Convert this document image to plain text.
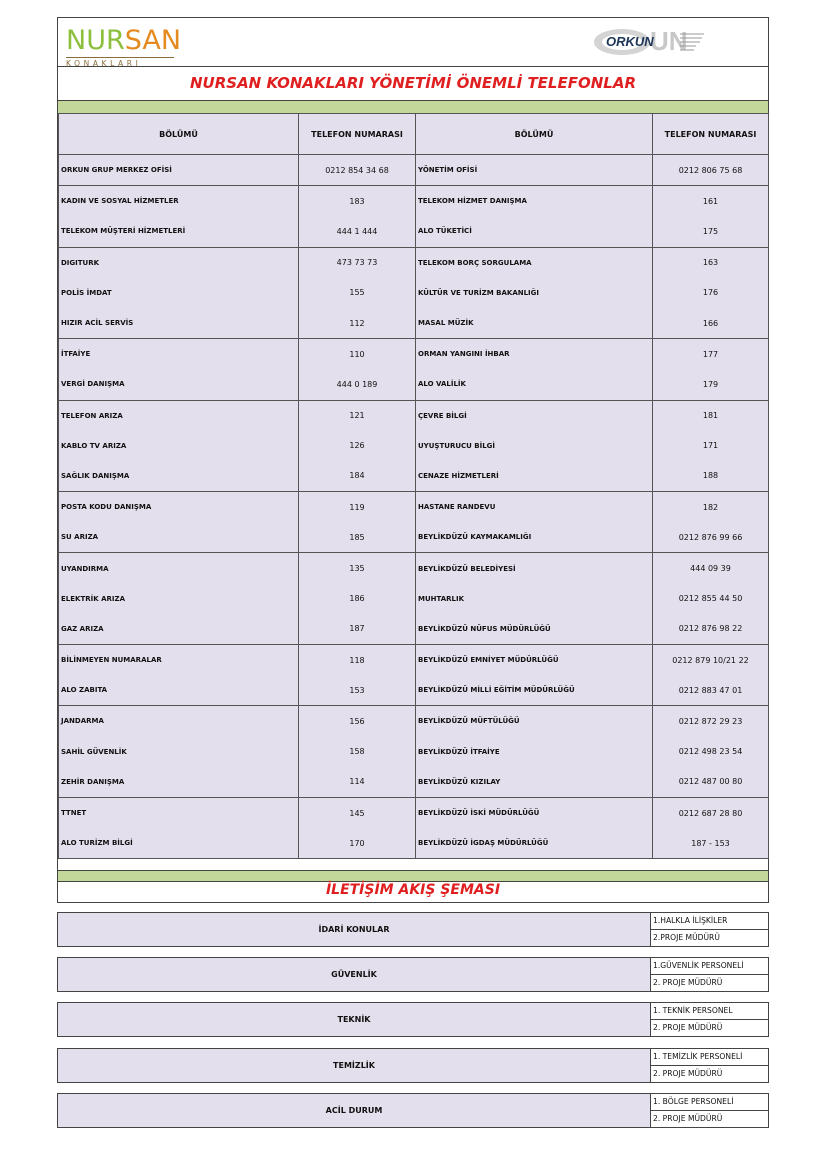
NURSAN
KONAKLARI
UN
ORKUN
NURSAN KONAKLARI YÖNETİMİ ÖNEMLİ TELEFONLAR
BÖLÜMÜ	TELEFON NUMARASI	BÖLÜMÜ	TELEFON NUMARASI
ORKUN GRUP MERKEZ OFİSİ	0212 854 34 68	YÖNETİM OFİSİ	0212 806 75 68
KADIN VE SOSYAL HİZMETLER	183	TELEKOM HİZMET DANIŞMA	161
TELEKOM MÜŞTERİ HİZMETLERİ	444 1 444	ALO TÜKETİCİ	175
DIGITURK	473 73 73	TELEKOM BORÇ SORGULAMA	163
POLİS İMDAT	155	KÜLTÜR VE TURİZM BAKANLIĞI	176
HIZIR ACİL SERVİS	112	MASAL MÜZİK	166
İTFAİYE	110	ORMAN YANGINI İHBAR	177
VERGİ DANIŞMA	444 0 189	ALO VALİLİK	179
TELEFON ARIZA	121	ÇEVRE BİLGİ	181
KABLO TV ARIZA	126	UYUŞTURUCU BİLGİ	171
SAĞLIK DANIŞMA	184	CENAZE HİZMETLERİ	188
POSTA KODU DANIŞMA	119	HASTANE RANDEVU	182
SU ARIZA	185	BEYLİKDÜZÜ KAYMAKAMLIĞI	0212 876 99 66
UYANDIRMA	135	BEYLİKDÜZÜ BELEDİYESİ	444 09 39
ELEKTRİK ARIZA	186	MUHTARLIK	0212 855 44 50
GAZ ARIZA	187	BEYLİKDÜZÜ NÜFUS MÜDÜRLÜĞÜ	0212 876 98 22
BİLİNMEYEN NUMARALAR	118	BEYLİKDÜZÜ EMNİYET MÜDÜRLÜĞÜ	0212 879 10/21 22
ALO ZABITA	153	BEYLİKDÜZÜ MİLLİ EĞİTİM MÜDÜRLÜĞÜ	0212 883 47 01
JANDARMA	156	BEYLİKDÜZÜ MÜFTÜLÜĞÜ	0212 872 29 23
SAHİL GÜVENLİK	158	BEYLİKDÜZÜ İTFAİYE	0212 498 23 54
ZEHİR DANIŞMA	114	BEYLİKDÜZÜ KIZILAY	0212 487 00 80
TTNET	145	BEYLİKDÜZÜ İSKİ MÜDÜRLÜĞÜ	0212 687 28 80
ALO TURİZM BİLGİ	170	BEYLİKDÜZÜ İGDAŞ MÜDÜRLÜĞÜ	187 - 153
İLETİŞİM AKIŞ ŞEMASI
İDARİ KONULAR
1.HALKLA İLİŞKİLER
2.PROJE MÜDÜRÜ
GÜVENLİK
1.GÜVENLİK PERSONELİ
2. PROJE MÜDÜRÜ
TEKNİK
1. TEKNİK PERSONEL
2. PROJE MÜDÜRÜ
TEMİZLİK
1. TEMİZLİK PERSONELİ
2. PROJE MÜDÜRÜ
ACİL DURUM
1. BÖLGE PERSONELİ
2. PROJE MÜDÜRÜ
